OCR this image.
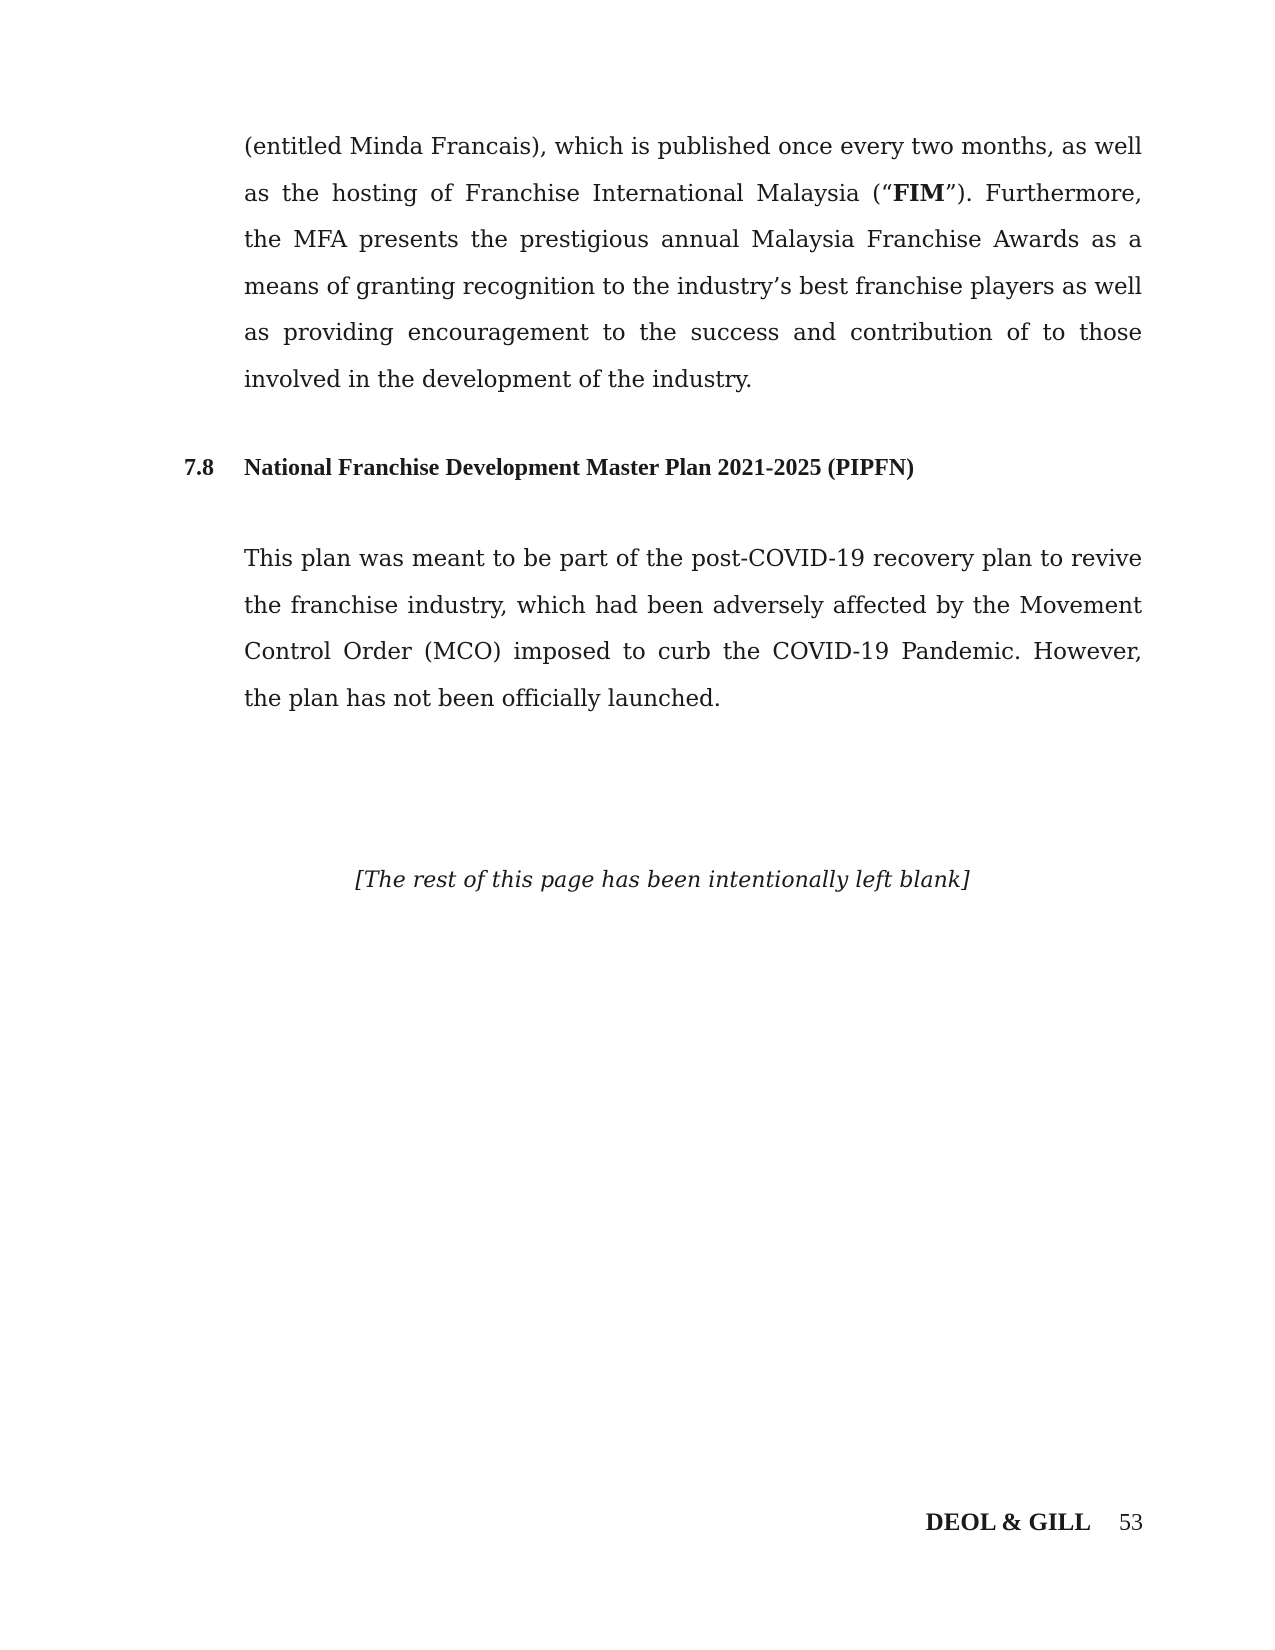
(entitled Minda Francais), which is published once every two months, as well as the hosting of Franchise International Malaysia (“FIM”). Furthermore, the MFA presents the prestigious annual Malaysia Franchise Awards as a means of granting recognition to the industry’s best franchise players as well as providing encouragement to the success and contribution of to those involved in the development of the industry.

7.8 National Franchise Development Master Plan 2021-2025 (PIPFN)

This plan was meant to be part of the post-COVID-19 recovery plan to revive the franchise industry, which had been adversely affected by the Movement Control Order (MCO) imposed to curb the COVID-19 Pandemic. However, the plan has not been officially launched.

[The rest of this page has been intentionally left blank]
DEOL & GILL 53
